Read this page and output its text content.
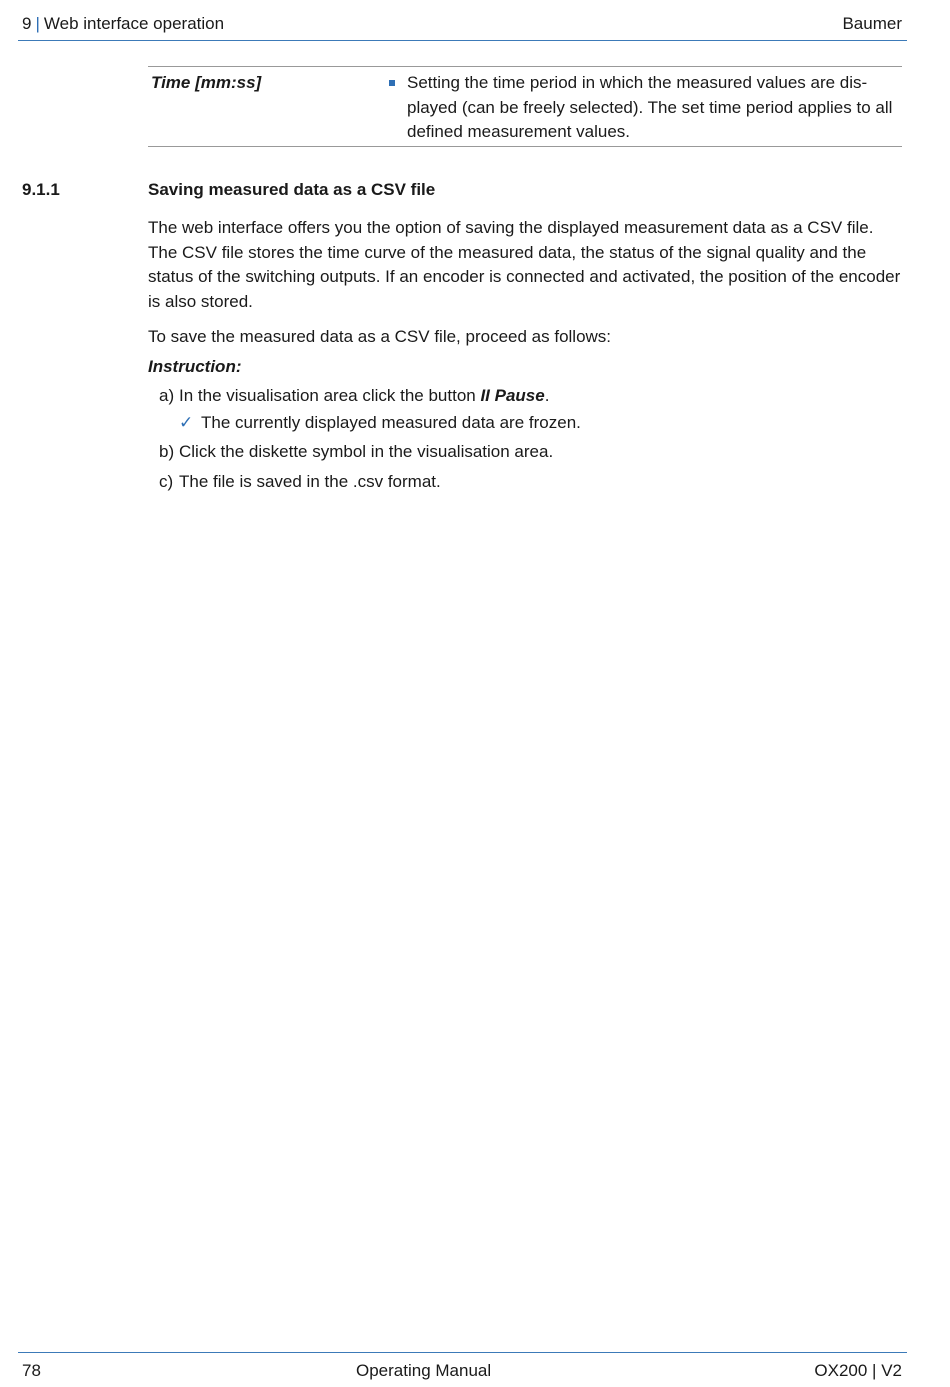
9 | Web interface operation	Baumer
Time [mm:ss]	Setting the time period in which the measured values are dis-played (can be freely selected). The set time period applies to all defined measurement values.
9.1.1	Saving measured data as a CSV file

The web interface offers you the option of saving the displayed measurement data as a CSV file. The CSV file stores the time curve of the measured data, the status of the signal quality and the status of the switching outputs. If an encoder is connected and activated, the position of the encoder is also stored.

To save the measured data as a CSV file, proceed as follows:

Instruction:
a) In the visualisation area click the button II Pause.
✓ The currently displayed measured data are frozen.
b) Click the diskette symbol in the visualisation area.
c) The file is saved in the .csv format.
78	Operating Manual	OX200 | V2
